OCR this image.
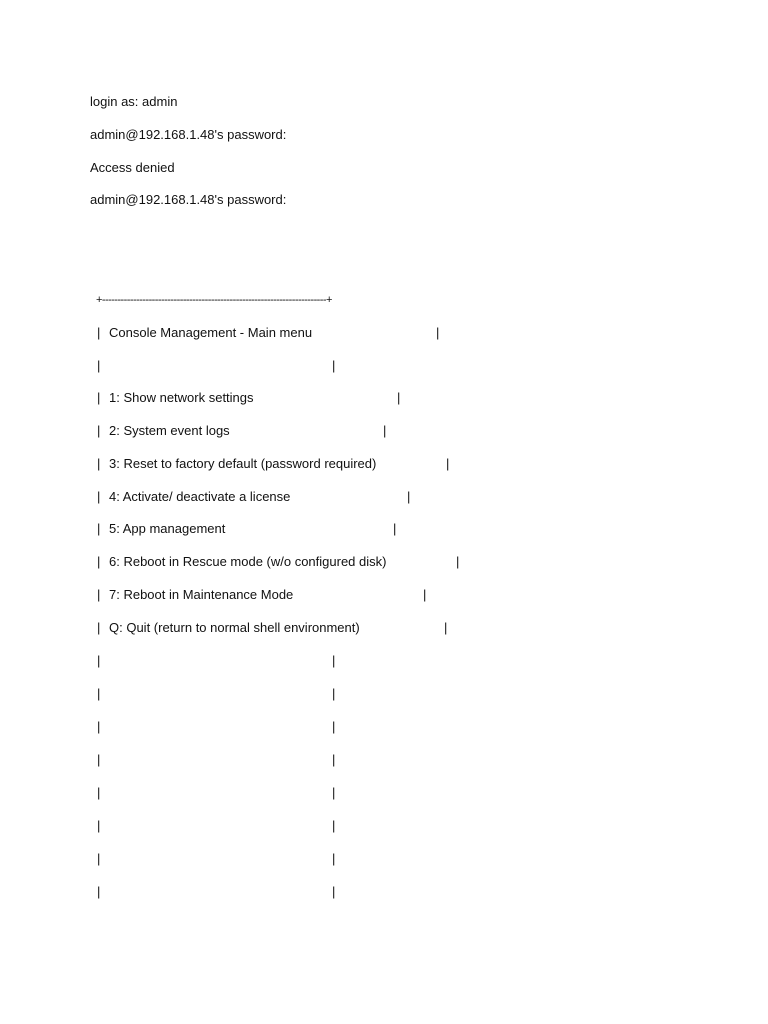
login as: admin

admin@192.168.1.48's password:

Access denied

admin@192.168.1.48's password:

+------------------------------------------------------------------------+
| Console Management - Main menu	|
|	|
| 1: Show network settings	|
| 2: System event logs	|
| 3: Reset to factory default (password required)	|
| 4: Activate/ deactivate a license	|
| 5: App management	|
| 6: Reboot in Rescue mode (w/o configured disk)	|
| 7: Reboot in Maintenance Mode	|
| Q: Quit (return to normal shell environment)	|
|	|
|	|
|	|
|	|
|	|
|	|
|	|
|	|
